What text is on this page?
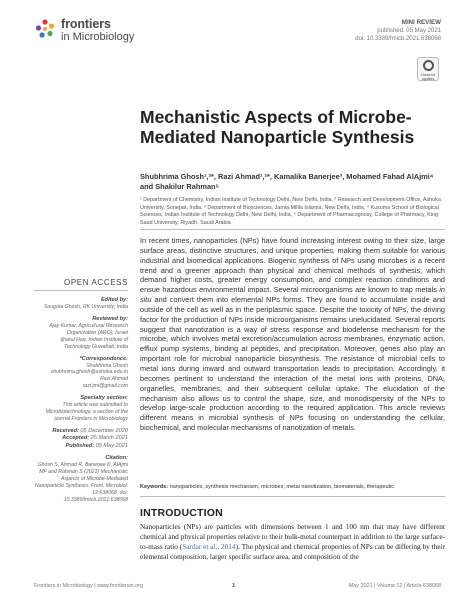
frontiers
in Microbiology
MINI REVIEW
published: 05 May 2021
doi: 10.3389/fmicb.2021.638068
Check for updates
Mechanistic Aspects of Microbe-Mediated Nanoparticle Synthesis
Shubhrima Ghosh¹,²*, Razi Ahmad¹,²*, Kamalika Banerjee³, Mohamed Fahad AlAjmi⁴ and Shakilur Rahman⁵
¹ Department of Chemistry, Indian Institute of Technology Delhi, New Delhi, India, ² Research and Development Office, Ashoka University, Sonepat, India, ³ Department of Biosciences, Jamia Millia Islamia, New Delhi, India, ⁴ Kusuma School of Biological Sciences, Indian Institute of Technology Delhi, New Delhi, India, ⁵ Department of Pharmacognosy, College of Pharmacy, King Saud University, Riyadh, Saudi Arabia
In recent times, nanoparticles (NPs) have found increasing interest owing to their size, large surface areas, distinctive structures, and unique properties, making them suitable for various industrial and biomedical applications. Biogenic synthesis of NPs using microbes is a recent trend and a greener approach than physical and chemical methods of synthesis, which demand higher costs, greater energy consumption, and complex reaction conditions and ensue hazardous environmental impact. Several microorganisms are known to trap metals in situ and convert them into elemental NPs forms. They are found to accumulate inside and outside of the cell as well as in the periplasmic space. Despite the toxicity of NPs, the driving factor for the production of NPs inside microorganisms remains unelucidated. Several reports suggest that nanotization is a way of stress response and biodefense mechanism for the microbe, which involves metal excretion/accumulation across membranes, enzymatic action, efflux pump systems, binding at peptides, and precipitation. Moreover, genes also play an important role for microbial nanoparticle biosynthesis. The resistance of microbial cells to metal ions during inward and outward transportation leads to precipitation. Accordingly, it becomes pertinent to understand the interaction of the metal ions with proteins, DNA, organelles, membranes, and their subsequent cellular uptake. The elucidation of the mechanism also allows us to control the shape, size, and monodispersity of the NPs to develop large-scale production according to the required application. This article reviews different means in microbial synthesis of NPs focusing on understanding the cellular, biochemical, and molecular mechanisms of nanotization of metals.
Keywords: nanoparticles, synthesis mechanism, microbes, metal nanotization, biomaterials, therapeutic
INTRODUCTION
Nanoparticles (NPs) are particles with dimensions between 1 and 100 nm that may have different chemical and physical properties relative to their bulk-metal counterpart in addition to the large surface-to-mass ratio (Sardar et al., 2014). The physical and chemical properties of NPs can be differing by their elemental composition, larger specific surface area, and composition of the
OPEN ACCESS
Edited by:
Sougata Ghosh, RK University, India
Reviewed by:
Ajay Kumar, Agricultural Research Organization (ARO), Israel
Ijharul Haq, Indian Institute of Technology Guwahati, India
*Correspondence:
Shubhrima Ghosh
shubhrima.ghosh@ashoka.edu.in
Razi Ahmad
razi.jmi@gmail.com
Specialty section:
This article was submitted to Microbiotechnology, a section of the journal Frontiers in Microbiology
Received: 05 December 2020
Accepted: 25 March 2021
Published: 05 May 2021
Citation:
Ghosh S, Ahmad R, Banerjee K, AlAjmi MF and Rahman S (2021) Mechanistic Aspects of Microbe-Mediated Nanoparticle Synthesis. Front. Microbiol. 12:638068. doi: 10.3389/fmicb.2021.638068
Frontiers in Microbiology | www.frontiersin.org	1	May 2021 | Volume 12 | Article 638068
